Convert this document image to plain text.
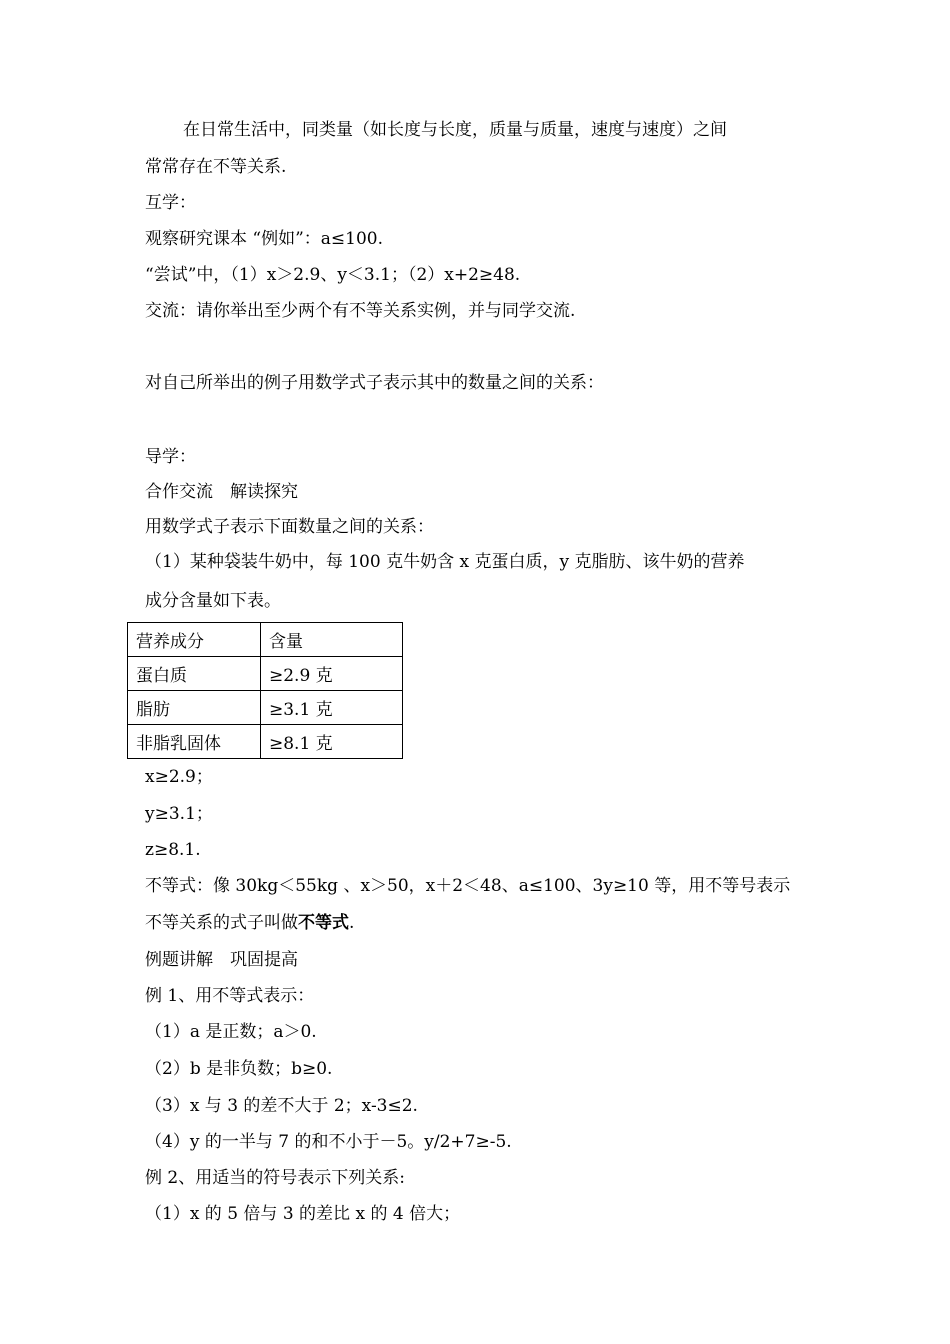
在日常生活中，同类量（如长度与长度，质量与质量，速度与速度）之间
常常存在不等关系.
互学：
观察研究课本 “例如”：a≤100.
“尝试”中，（1）x＞2.9、y＜3.1；（2）x+2≥48.
交流：请你举出至少两个有不等关系实例，并与同学交流.
对自己所举出的例子用数学式子表示其中的数量之间的关系：
导学：
合作交流　解读探究
用数学式子表示下面数量之间的关系：
（1）某种袋装牛奶中，每 100 克牛奶含 x 克蛋白质，y 克脂肪、该牛奶的营养
成分含量如下表。
营养成分	含量
蛋白质	≥2.9 克
脂肪	≥3.1 克
非脂乳固体	≥8.1 克
x≥2.9；
y≥3.1；
z≥8.1.
不等式：像 30kg＜55kg 、x＞50，x＋2＜48、a≤100、3y≥10 等，用不等号表示
不等关系的式子叫做不等式.
例题讲解　巩固提高
例 1、用不等式表示：
（1）a 是正数；a＞0.
（2）b 是非负数；b≥0.
（3）x 与 3 的差不大于 2；x-3≤2.
（4）y 的一半与 7 的和不小于－5。y/2+7≥-5.
例 2、用适当的符号表示下列关系:
（1）x 的 5 倍与 3 的差比 x 的 4 倍大；
